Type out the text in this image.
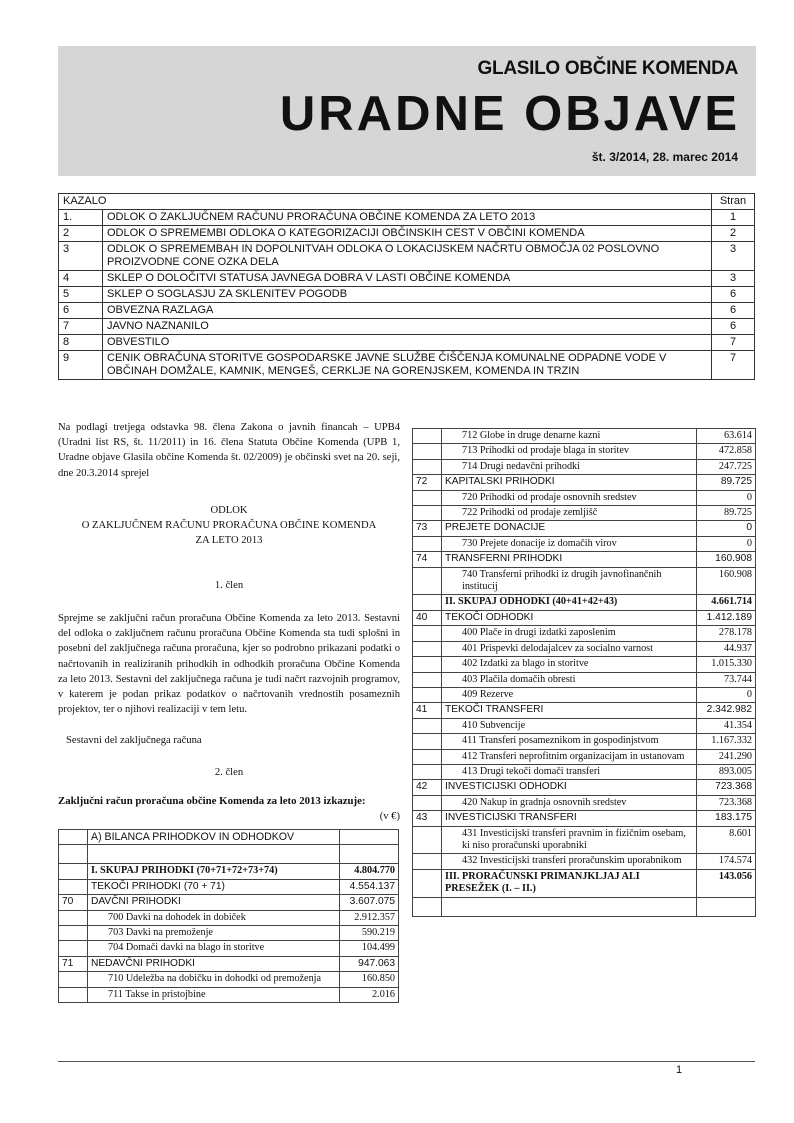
GLASILO OBČINE KOMENDA
URADNE OBJAVE
št. 3/2014, 28. marec 2014
KAZALO		Stran
1.	ODLOK O ZAKLJUČNEM RAČUNU PRORAČUNA OBČINE KOMENDA ZA LETO 2013	1
2	ODLOK O SPREMEMBI ODLOKA O KATEGORIZACIJI OBČINSKIH CEST V OBČINI KOMENDA	2
3	ODLOK O SPREMEMBAH IN DOPOLNITVAH ODLOKA O LOKACIJSKEM NAČRTU OBMOČJA 02 POSLOVNO PROIZVODNE CONE OZKA DELA	3
4	SKLEP O DOLOČITVI STATUSA JAVNEGA DOBRA V LASTI OBČINE KOMENDA	3
5	SKLEP O SOGLASJU ZA SKLENITEV POGODB	6
6	OBVEZNA RAZLAGA	6
7	JAVNO NAZNANILO	6
8	OBVESTILO	7
9	CENIK OBRAČUNA STORITVE GOSPODARSKE JAVNE SLUŽBE ČIŠČENJA KOMUNALNE ODPADNE VODE V OBČINAH DOMŽALE, KAMNIK, MENGEŠ, CERKLJE NA GORENJSKEM, KOMENDA IN TRZIN	7

Na podlagi tretjega odstavka 98. člena Zakona o javnih financah – UPB4 (Uradni list RS, št. 11/2011) in 16. člena Statuta Občine Komenda (UPB 1, Uradne objave Glasila občine Komenda št. 02/2009) je občinski svet na 20. seji, dne 20.3.2014 sprejel

ODLOK
O ZAKLJUČNEM RAČUNU PRORAČUNA OBČINE KOMENDA
ZA LETO 2013

1. člen

Sprejme se zaključni račun proračuna Občine Komenda za leto 2013. Sestavni del odloka o zaključnem računu proračuna Občine Komenda sta tudi splošni in posebni del zaključnega računa proračuna, kjer so podrobno prikazani podatki o načrtovanih in realiziranih prihodkih in odhodkih proračuna Občine Komenda za leto 2013. Sestavni del zaključnega računa je tudi načrt razvojnih programov, v katerem je podan prikaz podatkov o načrtovanih vrednostih posameznih projektov, ter o njihovi realizaciji v tem letu.

Sestavni del zaključnega računa

2. člen

Zaključni račun proračuna občine Komenda za leto 2013 izkazuje:

(v €)

	A) BILANCA PRIHODKOV IN ODHODKOV	

	I. SKUPAJ PRIHODKI (70+71+72+73+74)	4.804.770
	TEKOČI PRIHODKI (70 + 71)	4.554.137
70	DAVČNI PRIHODKI	3.607.075
	700 Davki na dohodek in dobiček	2.912.357
	703 Davki na premoženje	590.219
	704 Domači davki na blago in storitve	104.499
71	NEDAVČNI PRIHODKI	947.063
	710 Udeležba na dobičku in dohodki od premoženja	160.850
	711 Takse in pristojbine	2.016
	712 Globe in druge denarne kazni	63.614
	713 Prihodki od prodaje blaga in storitev	472.858
	714 Drugi nedavčni prihodki	247.725
72	KAPITALSKI PRIHODKI	89.725
	720 Prihodki od prodaje osnovnih sredstev	0
	722 Prihodki od prodaje zemljišč	89.725
73	PREJETE DONACIJE	0
	730 Prejete donacije iz domačih virov	0
74	TRANSFERNI PRIHODKI	160.908
	740 Transferni prihodki iz drugih javnofinančnih institucij	160.908
	II. SKUPAJ ODHODKI (40+41+42+43)	4.661.714
40	TEKOČI ODHODKI	1.412.189
	400 Plače in drugi izdatki zaposlenim	278.178
	401 Prispevki delodajalcev za socialno varnost	44.937
	402 Izdatki za blago in storitve	1.015.330
	403 Plačila domačih obresti	73.744
	409 Rezerve	0
41	TEKOČI TRANSFERI	2.342.982
	410 Subvencije	41.354
	411 Transferi posameznikom in gospodinjstvom	1.167.332
	412 Transferi neprofitnim organizacijam in ustanovam	241.290
	413 Drugi tekoči domači transferi	893.005
42	INVESTICIJSKI ODHODKI	723.368
	420 Nakup in gradnja osnovnih sredstev	723.368
43	INVESTICIJSKI TRANSFERI	183.175
	431 Investicijski transferi pravnim in fizičnim osebam, ki niso proračunski uporabniki	8.601
	432 Investicijski transferi proračunskim uporabnikom	174.574
	III. PRORAČUNSKI PRIMANJKLJAJ ALI PRESEŽEK (I. – II.)	143.056

1
